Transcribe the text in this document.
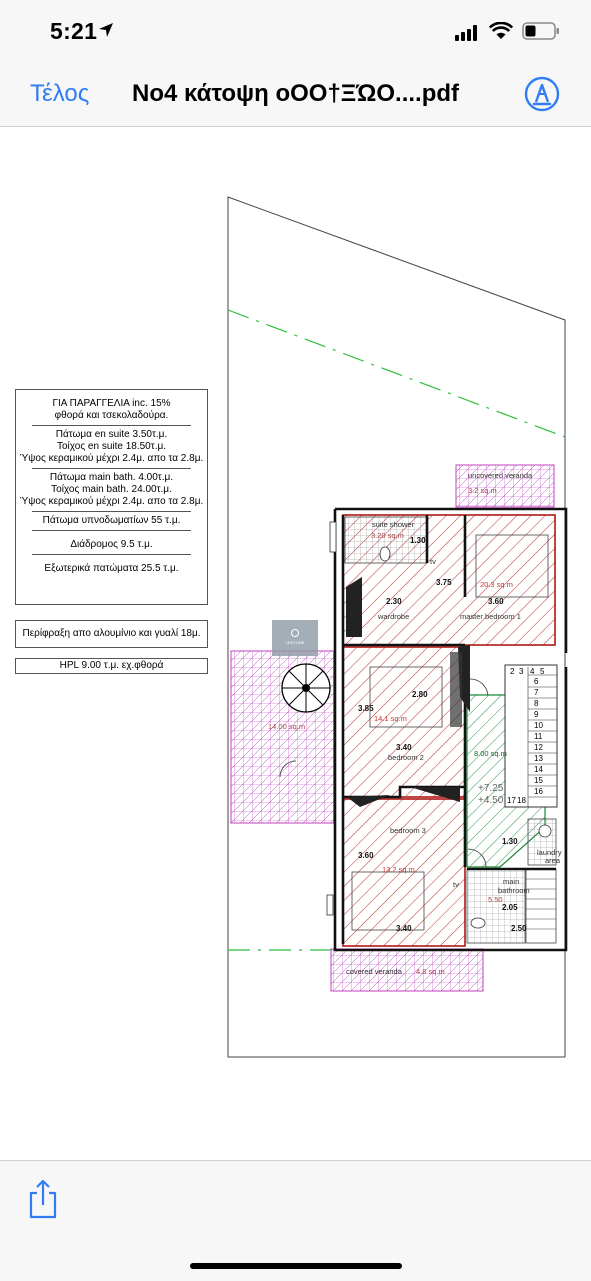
5:21
Τέλος No4 κάτοψη oOO†ΞΏO....pdf
2 3 4 5
6
7
8
9
10
11
12
13
14
15
16
17 18
suite shower
3.20 sq.m
uncovered veranda
3.2 sq.m
20.3 sq.m
wardrobe	master bedroom 1
14.1 sq.m
bedroom 2	8.00 sq.m
14.00 sq.m
bedroom 3
13.2 sq.m
laundry
area
main
bathroom
5.50
covered veranda 4.8 sq.m
tv
tv
1.30
3.75
2.30	3.60
2.80
3.85
3.40
3.60
3.40
1.30
2.05
2.50
+7.25
+4.50
ΓΙΑ ΠΑΡΑΓΓΕΛΙΑ inc. 15%
φθορά και τσεκολαδούρα.
Πάτωμα en suite 3.50τ.μ.
Τοίχος en suite 18.50τ.μ.
Ύψος κεραμικού μέχρι 2.4μ. απο τα 2.8μ.
Πάτωμα main bath. 4.00τ.μ.
Τοίχος main bath. 24.00τ.μ.
Ύψος κεραμικού μέχρι 2.4μ. απο τα 2.8μ.
Πάτωμα υπνοδωματίων 55 τ.μ.
Διάδρομος 9.5 τ.μ.
Εξωτερικά πατώματα 25.5 τ.μ.
Περίφραξη απο αλουμίνιο και γυαλί 18μ.
HPL 9.00 τ.μ. εχ.φθορά
LEKTONE
